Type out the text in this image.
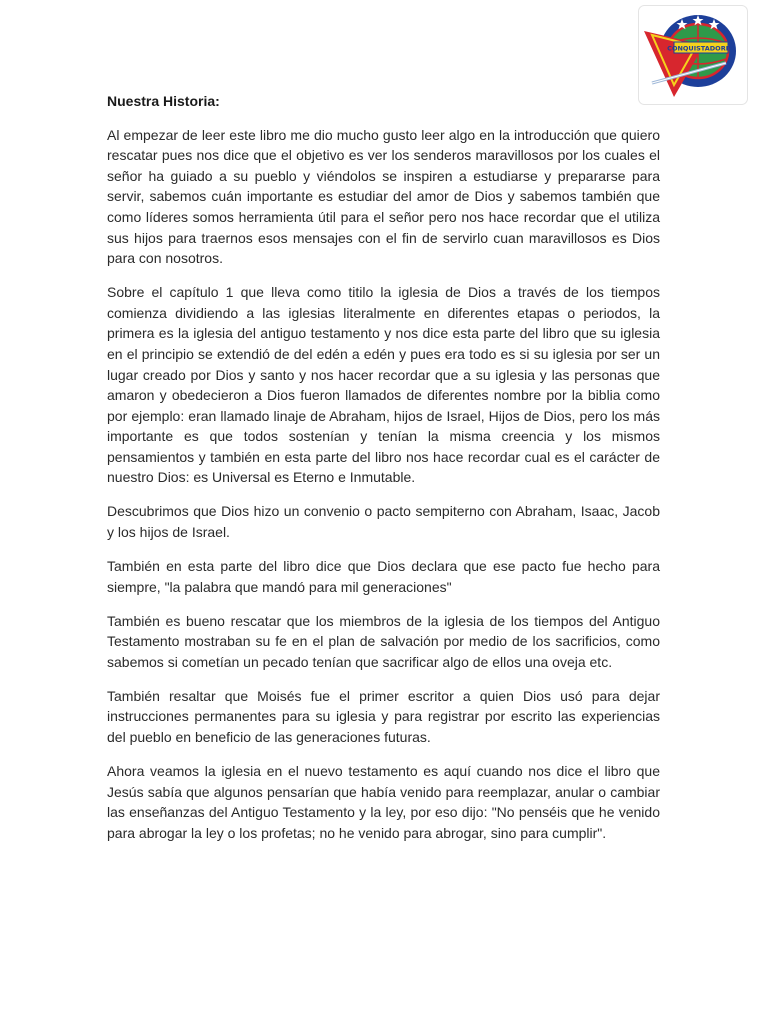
CONQUISTADORES
Nuestra Historia:

Al empezar de leer este libro me dio mucho gusto leer algo en la introducción que quiero rescatar pues nos dice que el objetivo es ver los senderos maravillosos por los cuales el señor ha guiado a su pueblo y viéndolos se inspiren a estudiarse y prepararse para servir, sabemos cuán importante es estudiar del amor de Dios y sabemos también que como líderes somos herramienta útil para el señor pero nos hace recordar que el utiliza sus hijos para traernos esos mensajes con el fin de servirlo cuan maravillosos es Dios para con nosotros.

Sobre el capítulo 1 que lleva como titilo la iglesia de Dios a través de los tiempos comienza dividiendo a las iglesias literalmente en diferentes etapas o periodos, la primera es la iglesia del antiguo testamento y nos dice esta parte del libro que su iglesia en el principio se extendió de del edén a edén y pues era todo es si su iglesia por ser un lugar creado por Dios y santo y nos hacer recordar que a su iglesia y las personas que amaron y obedecieron a Dios fueron llamados de diferentes nombre por la biblia como por ejemplo: eran llamado linaje de Abraham, hijos de Israel, Hijos de Dios, pero los más importante es que todos sostenían y tenían la misma creencia y los mismos pensamientos y también en esta parte del libro nos hace recordar cual es el carácter de nuestro Dios: es Universal es Eterno e Inmutable.

Descubrimos que Dios hizo un convenio o pacto sempiterno con Abraham, Isaac, Jacob y los hijos de Israel.

También en esta parte del libro dice que Dios declara que ese pacto fue hecho para siempre, "la palabra que mandó para mil generaciones"

También es bueno rescatar que los miembros de la iglesia de los tiempos del Antiguo Testamento mostraban su fe en el plan de salvación por medio de los sacrificios, como sabemos si cometían un pecado tenían que sacrificar algo de ellos una oveja etc.

También resaltar que Moisés fue el primer escritor a quien Dios usó para dejar instrucciones permanentes para su iglesia y para registrar por escrito las experiencias del pueblo en beneficio de las generaciones futuras.

Ahora veamos la iglesia en el nuevo testamento es aquí cuando nos dice el libro que Jesús sabía que algunos pensarían que había venido para reemplazar, anular o cambiar las enseñanzas del Antiguo Testamento y la ley, por eso dijo: "No penséis que he venido para abrogar la ley o los profetas; no he venido para abrogar, sino para cumplir".
